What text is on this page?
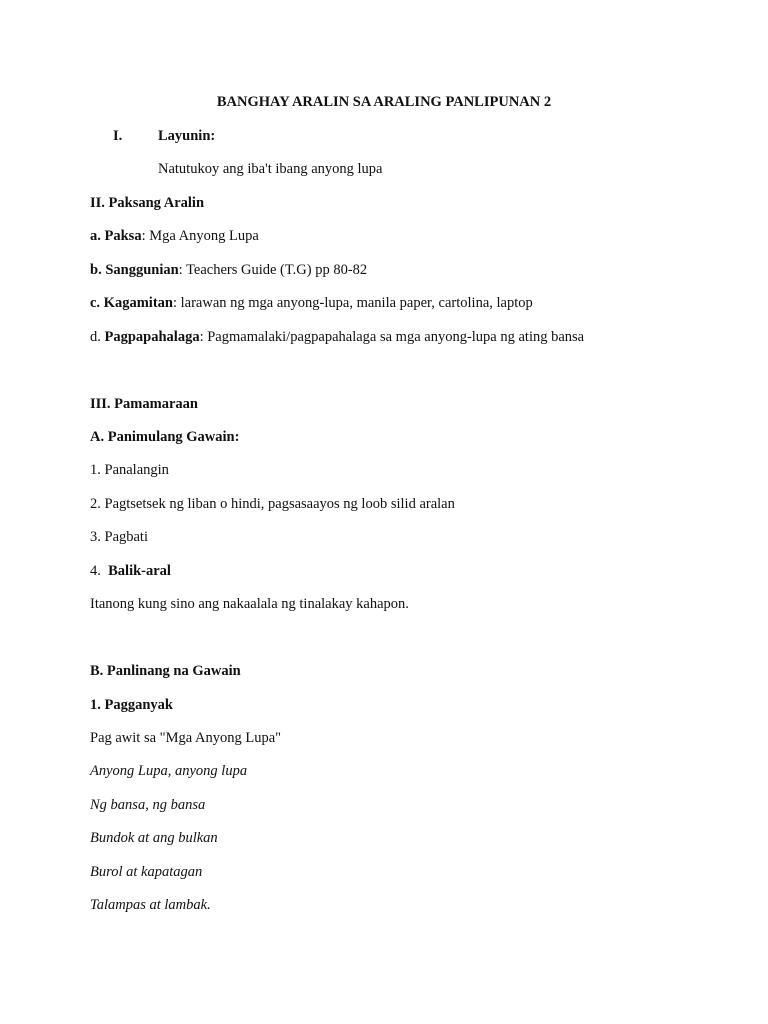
BANGHAY ARALIN SA ARALING PANLIPUNAN 2
I. Layunin:
Natutukoy ang iba't ibang anyong lupa
II. Paksang Aralin
a. Paksa: Mga Anyong Lupa
b. Sanggunian: Teachers Guide (T.G) pp 80-82
c. Kagamitan: larawan ng mga anyong-lupa, manila paper, cartolina, laptop
d. Pagpapahalaga: Pagmamalaki/pagpapahalaga sa mga anyong-lupa ng ating bansa
III. Pamamaraan
A. Panimulang Gawain:
1. Panalangin
2. Pagtsetsek ng liban o hindi, pagsasaayos ng loob silid aralan
3. Pagbati
4. Balik-aral
Itanong kung sino ang nakaalala ng tinalakay kahapon.
B. Panlinang na Gawain
1. Pagganyak
Pag awit sa "Mga Anyong Lupa"
Anyong Lupa, anyong lupa
Ng bansa, ng bansa
Bundok at ang bulkan
Burol at kapatagan
Talampas at lambak.
